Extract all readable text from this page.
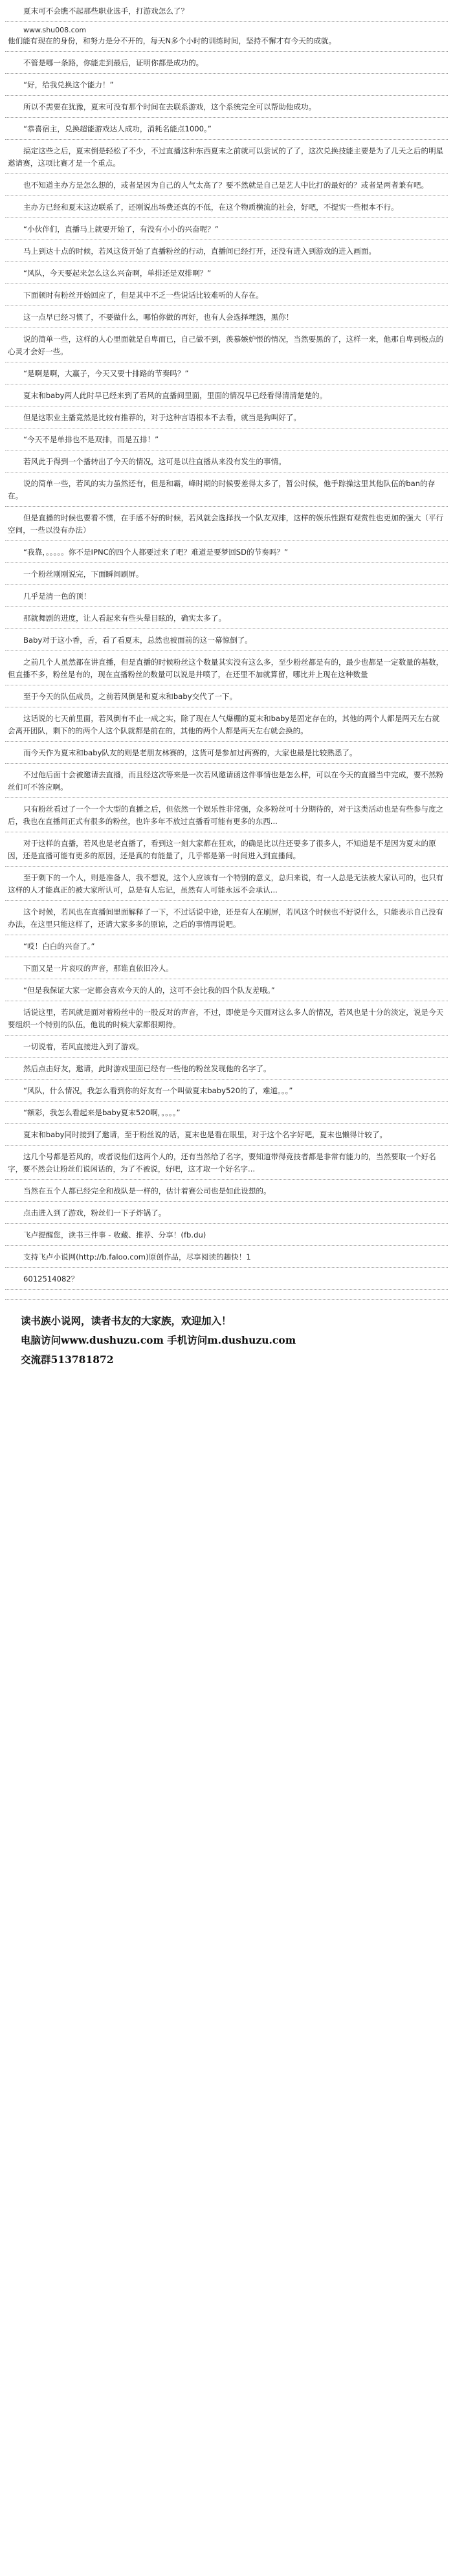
夏末可不会瞧不起那些职业选手，打游戏怎么了？

www.shu008.com
他们能有现在的身份，和努力是分不开的，每天N多个小时的训练时间，坚持不懈才有今天的成就。

不管是哪一条路，你能走到最后，证明你都是成功的。

“好，给我兑换这个能力！”

所以不需要在犹豫，夏末可没有那个时间在去联系游戏，这个系统完全可以帮助他成功。

“恭喜宿主，兑换超能游戏达人成功，消耗名能点1000。”

搞定这些之后，夏末倒是轻松了不少，不过直播这种东西夏末之前就可以尝试的了了，这次兑换技能主要是为了几天之后的明星邀请赛，这项比赛才是一个重点。

也不知道主办方是怎么想的，或者是因为自己的人气太高了？要不然就是自己是艺人中比打的最好的？或者是两者兼有吧。

主办方已经和夏末这边联系了，还刚说出场费还真的不低，在这个物质横流的社会，好吧，不提实一些根本不行。

“小伙伴们，直播马上就要开始了，有没有小小的兴奋呢？”

马上到达十点的时候，若风这货开始了直播粉丝的行动，直播间已经打开，还没有进入到游戏的进入画面。

“风队，今天要起来怎么这么兴奋啊，单排还是双排啊？”

下面顿时有粉丝开始回应了，但是其中不乏一些说话比较难听的人存在。

这一点早已经习惯了，不要做什么，哪怕你做的再好，也有人会选择埋怨，黑你！

说的简单一些，这样的人心里面就是自卑而已，自己做不到，羡慕嫉妒恨的情况，当然要黑的了，这样一来，他那自卑到极点的心灵才会好一些。

“是啊是啊，大赢子，今天又要十排路的节奏吗？”

夏末和baby两人此时早已经来到了若风的直播间里面，里面的情况早已经看得清清楚楚的。

但是这职业主播竟然是比较有推荐的，对于这种言语根本不去看，就当是狗叫好了。

“今天不是单排也不是双排，而是五排！”

若风此于得到一个播转出了今天的情况，这可是以往直播从来没有发生的事情。

说的简单一些，若风的实力虽然还有，但是和霸，峰时期的时候要差得太多了，暂公时候，他手踪操这里其他队伍的ban的存在。

但是直播的时候也要看不惯，在手感不好的时候，若风就会选择找一个队友双排，这样的娱乐性跟有观赏性也更加的强大（平行空间，一些以没有办法）

“我靠，。。。。。你不是IPNC的四个人都要过来了吧？难道是要梦回SD的节奏吗？”

一个粉丝刚刚说完，下面瞬间刷屏。

几乎是清一色的顶！

那就舞剧的进度，让人看起来有些头晕目眩的，确实太多了。

Baby对于这小香，舌，看了看夏末，总然也被面前的这一幕惊倒了。

之前几个人虽然都在讲直播，但是直播的时候粉丝这个数量其实没有这么多，至少粉丝都是有的，最少也都是一定数量的基数，但直播不多，粉丝是有的，现在直播粉丝的数量可以说是井喷了，在还里不加就算留，哪比并上现在这种数量

至于今天的队伍成员，之前若风倒是和夏末和baby交代了一下。

这话说的七天前里面，若风倒有不止一成之实，除了现在人气爆棚的夏末和baby是固定存在的，其他的两个人都是两天左右就会离开团队，剩下的的两个人这个队就都是前在的，其他的两个人都是两天左右就会换的。

而今天作为夏末和baby队友的则是老朋友林赛的，这货可是参加过两赛的，大家也最是比较熟悉了。

不过他后面十会被邀请去直播，而且经这次等来是一次若风邀请函这件事情也是怎么样，可以在今天的直播当中完成，要不然粉丝们可不答应啊。

只有粉丝看过了一个一个大型的直播之后，但依然一个娱乐性非常强，众多粉丝可十分期待的，对于这类活动也是有些参与度之后，我也在直播间正式有很多的粉丝，也许多年不放过直播看可能有更多的东西...

对于这样的直播，若风也是老直播了，看到这一刻大家都在狂欢，的确是比以往还要多了很多人，不知道是不是因为夏末的原因，还是直播可能有更多的原因，还是真的有能量了，几乎都是第一时间进入到直播间。

至于剩下的一个人，则是准备人，我不想说，这个人应该有一个特别的意义，总归来说，有一人总是无法被大家认可的，也只有这样的人才能真正的被大家所认可，总是有人忘记，虽然有人可能永远不会承认...

这个时候，若风也在直播间里面解释了一下，不过话说中途，还是有人在刷屏，若风这个时候也不好说什么，只能表示自己没有办法，在这里只能这样了，还请大家多多的原谅，之后的事情再说吧。

“哎！白白的兴奋了。”

下面又是一片哀叹的声音，那谁直依旧冷人。

“但是我保证大家一定都会喜欢今天的人的，这可不会比我的四个队友差哦。”

话说这里，若风就是面对着粉丝中的一股反对的声音，不过，即使是今天面对这么多人的情况，若风也是十分的淡定，说是今天要组织一个特别的队伍，他说的时候大家都很期待。

一切说着，若风直接进入到了游戏。

然后点击好友，邀请，此时游戏里面已经有一些他的粉丝发现他的名字了。

“风队，什么情况，我怎么看到你的好友有一个叫做夏末baby520的了，难道。。。”

“额彩，我怎么看起来是baby夏末520啊，。。。。”

夏末和baby同时接到了邀请，至于粉丝说的话，夏末也是看在眼里，对于这个名字好吧，夏末也懒得计较了。

这几个号都是若风的，或者说他们这两个人的，还有当然给了名字，要知道带得竞技者都是非常有能力的，当然要取一个好名字，要不然会让粉丝们说闲话的，为了不被说，好吧，这才取一个好名字...

当然在五个人都已经完全和战队是一样的，估计着赛公司也是如此设想的。

点击进入到了游戏，粉丝们一下子炸锅了。

飞卢提醒您，读书三件事 - 收藏、推荐、分享！(fb.du)

支持飞卢小说网(http://b.faloo.com)原创作品，尽享阅读的趣快！1

6012514082？

读书族小说网，读者书友的大家族，欢迎加入！
电脑访问www.dushuzu.com 手机访问m.dushuzu.com
交流群513781872
